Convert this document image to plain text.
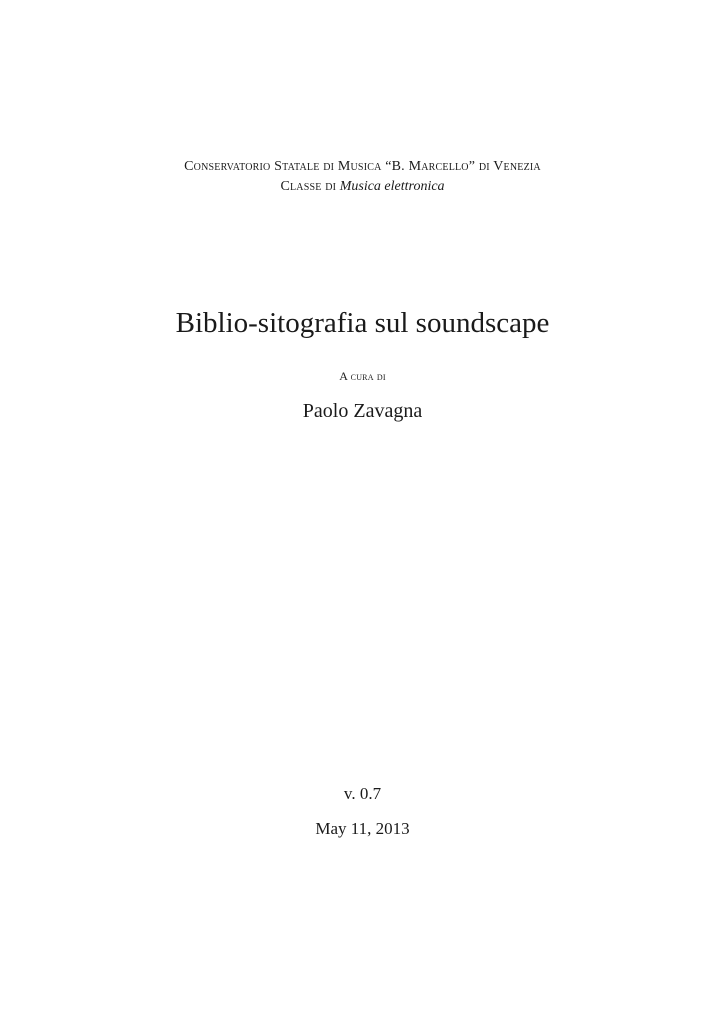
Conservatorio Statale di Musica “B. Marcello” di Venezia
Classe di Musica elettronica
Biblio-sitografia sul soundscape
A cura di
Paolo Zavagna
v. 0.7
May 11, 2013
